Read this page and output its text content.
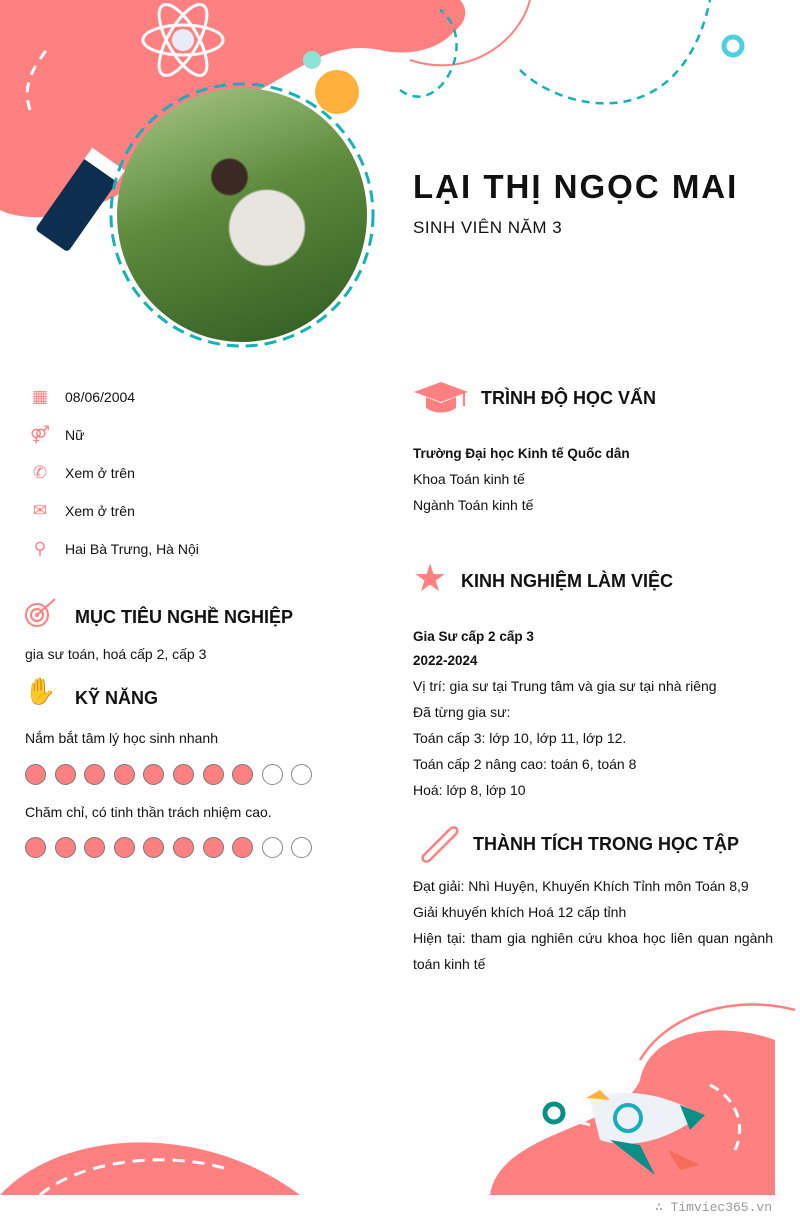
LẠI THỊ NGỌC MAI
SINH VIÊN NĂM 3
▦ 08/06/2004
⚤ Nữ
✆ Xem ở trên
✉ Xem ở trên
⚲ Hai Bà Trưng, Hà Nội
MỤC TIÊU NGHỀ NGHIỆP
gia sư toán, hoá cấp 2, cấp 3
✋ KỸ NĂNG
Nắm bắt tâm lý học sinh nhanh
Chăm chỉ, có tinh thần trách nhiệm cao.
TRÌNH ĐỘ HỌC VẤN
Trường Đại học Kinh tế Quốc dân
Khoa Toán kinh tế
Ngành Toán kinh tế
★ KINH NGHIỆM LÀM VIỆC
Gia Sư cấp 2 cấp 3
2022-2024
Vị trí: gia sư tại Trung tâm và gia sư tại nhà riêng
Đã từng gia sư:
Toán cấp 3: lớp 10, lớp 11, lớp 12.
Toán cấp 2 nâng cao: toán 6, toán 8
Hoá: lớp 8, lớp 10
THÀNH TÍCH TRONG HỌC TẬP
Đạt giải: Nhì Huyện, Khuyến Khích Tỉnh môn Toán 8,9
Giải khuyến khích Hoá 12 cấp tỉnh
Hiện tại: tham gia nghiên cứu khoa học liên quan ngành
toán kinh tế
∴ Timviec365.vn
